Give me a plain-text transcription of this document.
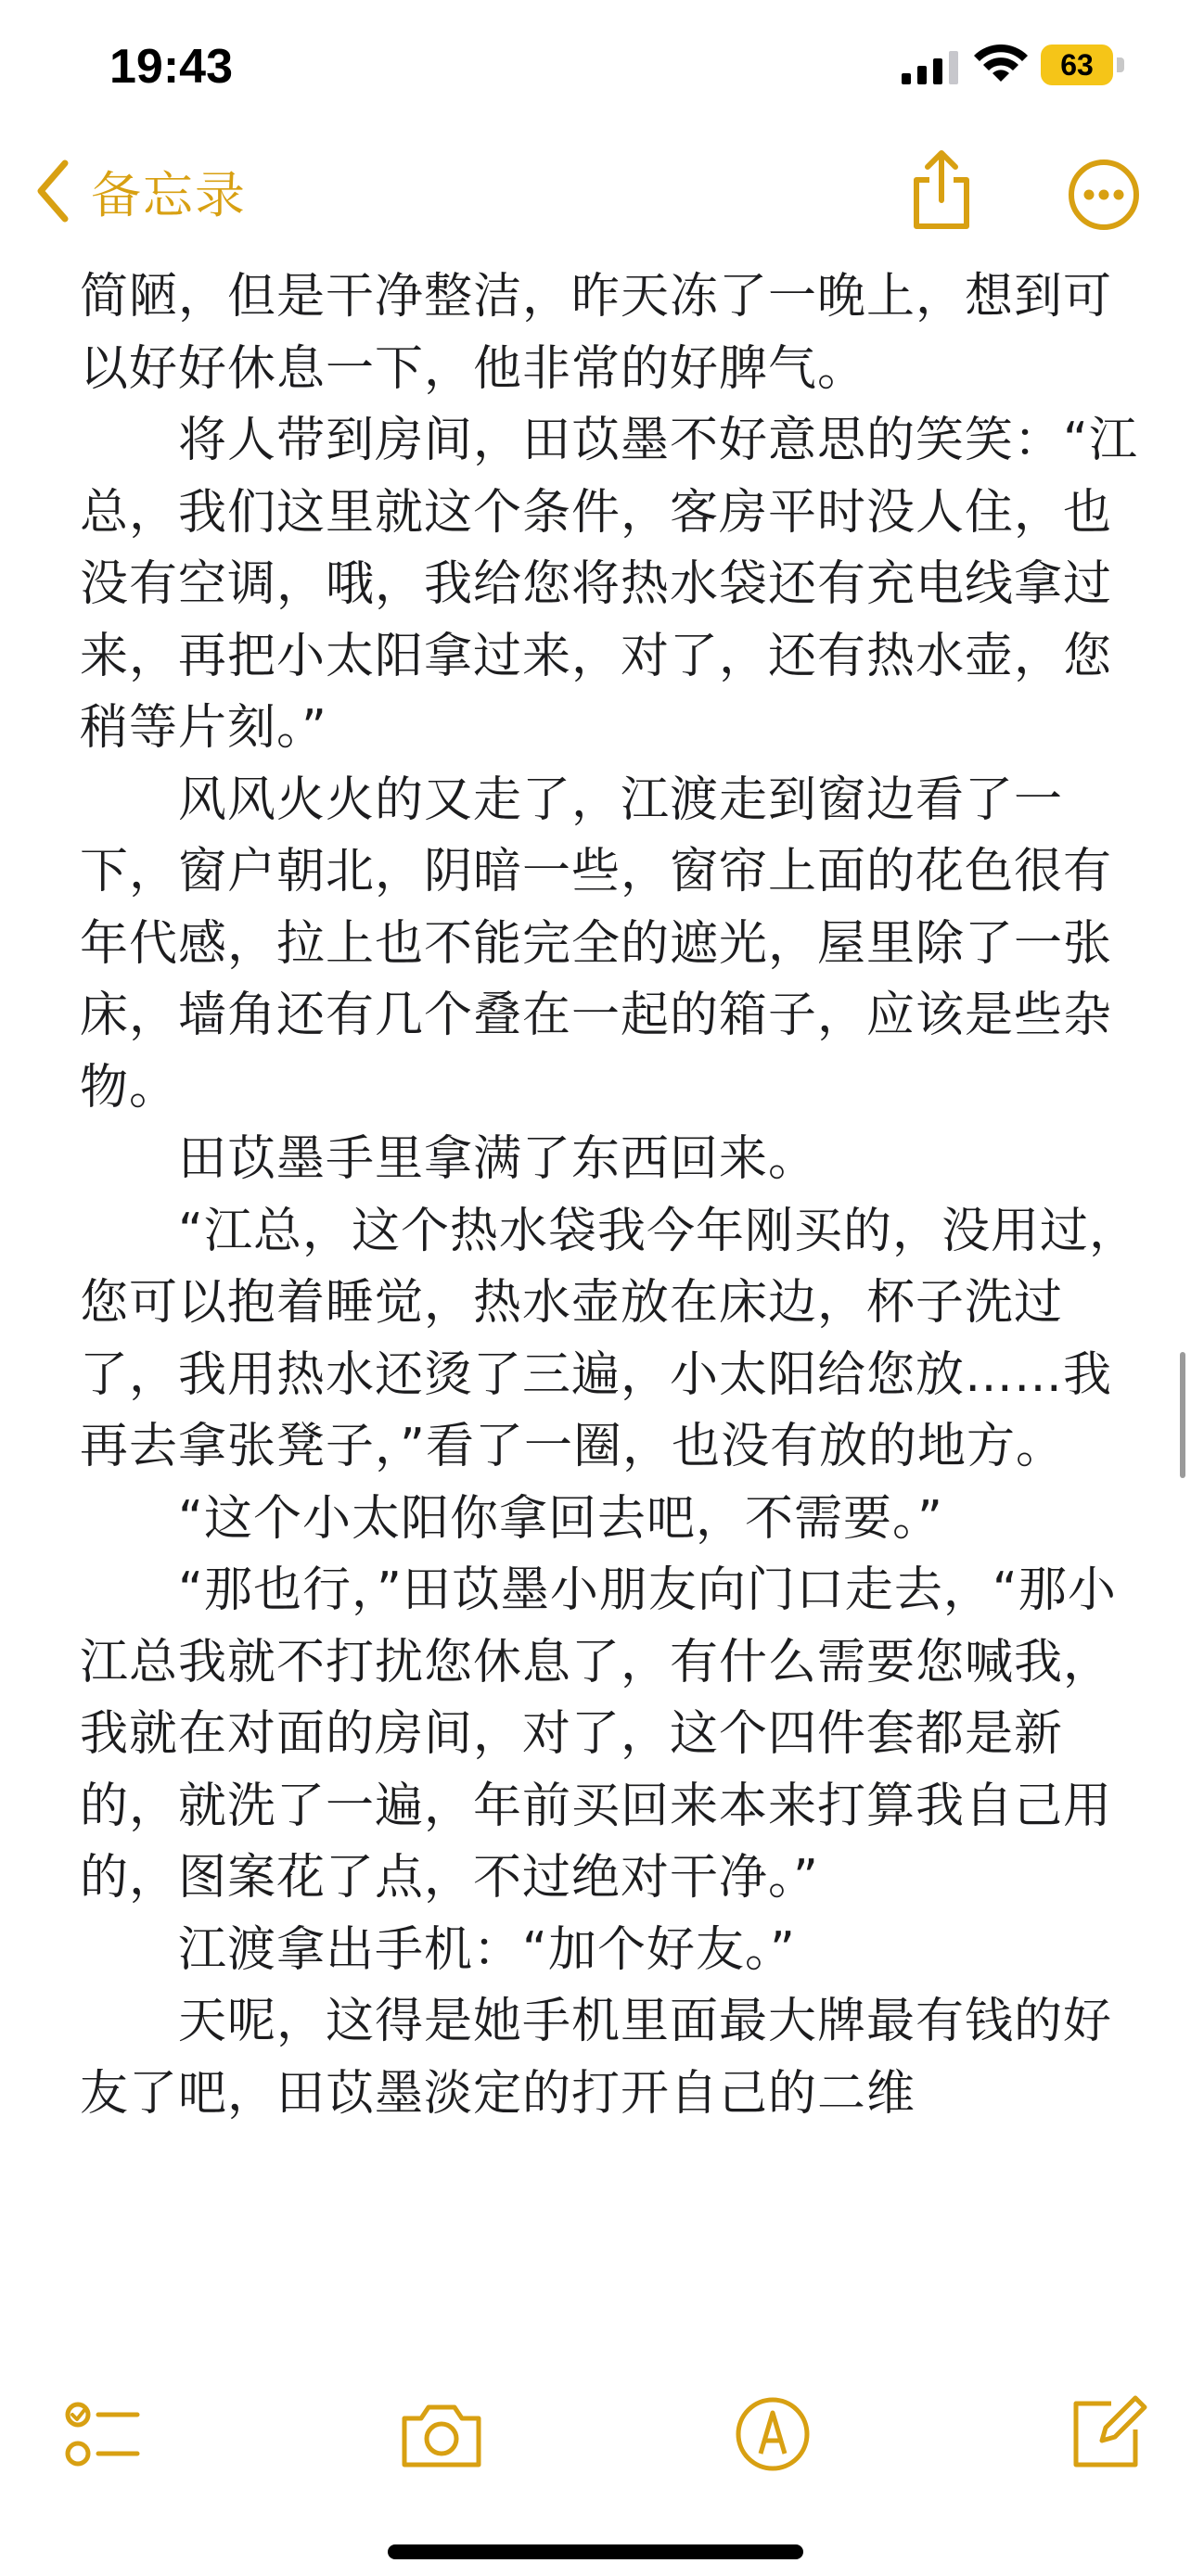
19:43	63
备忘录

简陋，但是干净整洁，昨天冻了一晚上，想到可以好好休息一下，他非常的好脾气。

　　将人带到房间，田苡墨不好意思的笑笑：“江总，我们这里就这个条件，客房平时没人住，也没有空调，哦，我给您将热水袋还有充电线拿过来，再把小太阳拿过来，对了，还有热水壶，您稍等片刻。”

　　风风火火的又走了，江渡走到窗边看了一下，窗户朝北，阴暗一些，窗帘上面的花色很有年代感，拉上也不能完全的遮光，屋里除了一张床，墙角还有几个叠在一起的箱子，应该是些杂物。

　　田苡墨手里拿满了东西回来。

　　“江总，这个热水袋我今年刚买的，没用过，您可以抱着睡觉，热水壶放在床边，杯子洗过了，我用热水还烫了三遍，小太阳给您放……我再去拿张凳子，”看了一圈，也没有放的地方。

　　“这个小太阳你拿回去吧，不需要。”

　　“那也行，”田苡墨小朋友向门口走去，“那小江总我就不打扰您休息了，有什么需要您喊我，我就在对面的房间，对了，这个四件套都是新的，就洗了一遍，年前买回来本来打算我自己用的，图案花了点，不过绝对干净。”

　　江渡拿出手机：“加个好友。”

　　天呢，这得是她手机里面最大牌最有钱的好友了吧，田苡墨淡定的打开自己的二维
